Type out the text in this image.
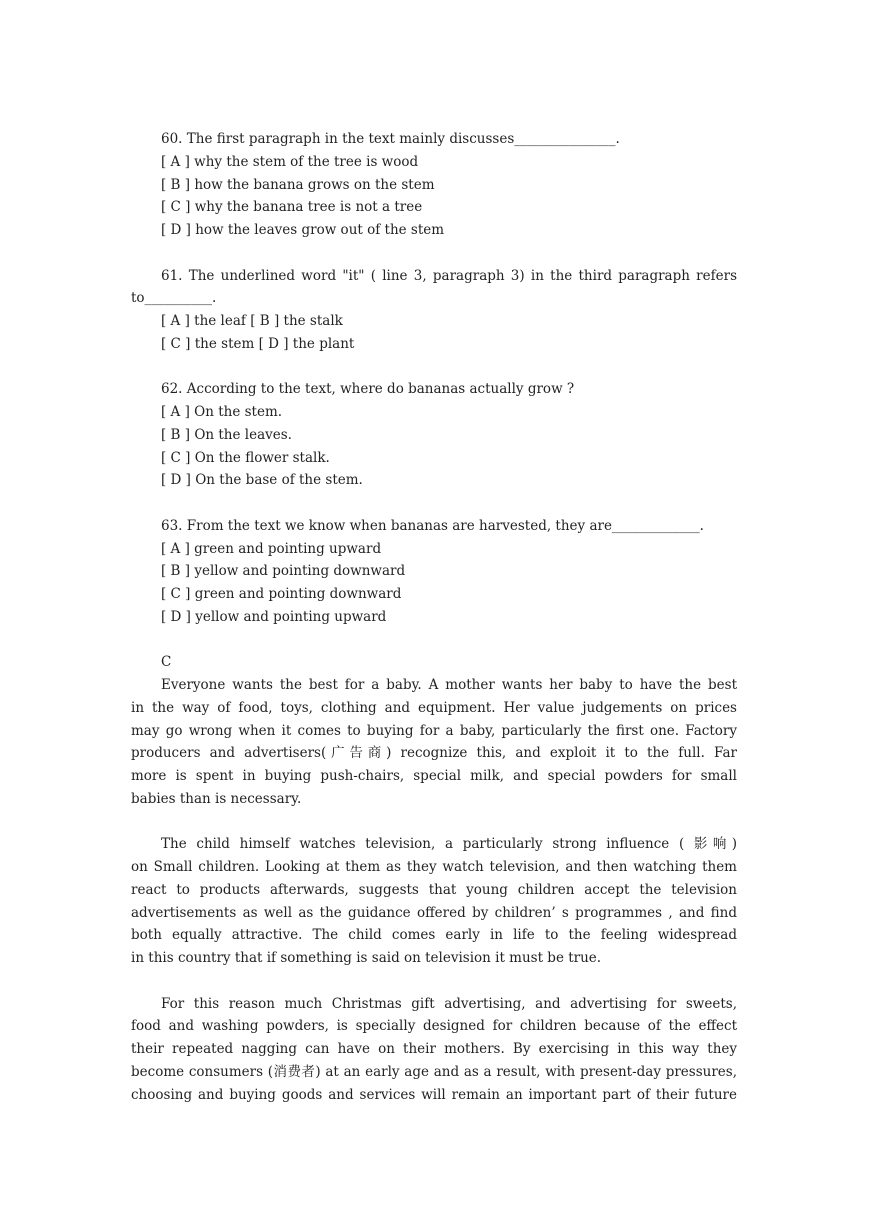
60. The first paragraph in the text mainly discusses_______________.
[ A ] why the stem of the tree is wood
[ B ] how the banana grows on the stem
[ C ] why the banana tree is not a tree
[ D ] how the leaves grow out of the stem
61. The underlined word "it" ( line 3, paragraph 3) in the third paragraph refers
to__________.
[ A ] the leaf [ B ] the stalk
[ C ] the stem [ D ] the plant
62. According to the text, where do bananas actually grow ?
[ A ] On the stem.
[ B ] On the leaves.
[ C ] On the flower stalk.
[ D ] On the base of the stem.
63. From the text we know when bananas are harvested, they are_____________.
[ A ] green and pointing upward
[ B ] yellow and pointing downward
[ C ] green and pointing downward
[ D ] yellow and pointing upward
C
Everyone wants the best for a baby. A mother wants her baby to have the best
in the way of food, toys, clothing and equipment. Her value judgements on prices
may go wrong when it comes to buying for a baby, particularly the first one. Factory
producers and advertisers(广告商) recognize this, and exploit it to the full. Far
more is spent in buying push-chairs, special milk, and special powders for small
babies than is necessary.
The child himself watches television, a particularly strong influence ( 影响)
on Small children. Looking at them as they watch television, and then watching them
react to products afterwards, suggests that young children accept the television
advertisements as well as the guidance offered by children’ s programmes , and find
both equally attractive. The child comes early in life to the feeling widespread
in this country that if something is said on television it must be true.
For this reason much Christmas gift advertising, and advertising for sweets,
food and washing powders, is specially designed for children because of the effect
their repeated nagging can have on their mothers. By exercising in this way they
become consumers (消费者) at an early age and as a result, with present-day pressures,
choosing and buying goods and services will remain an important part of their future
